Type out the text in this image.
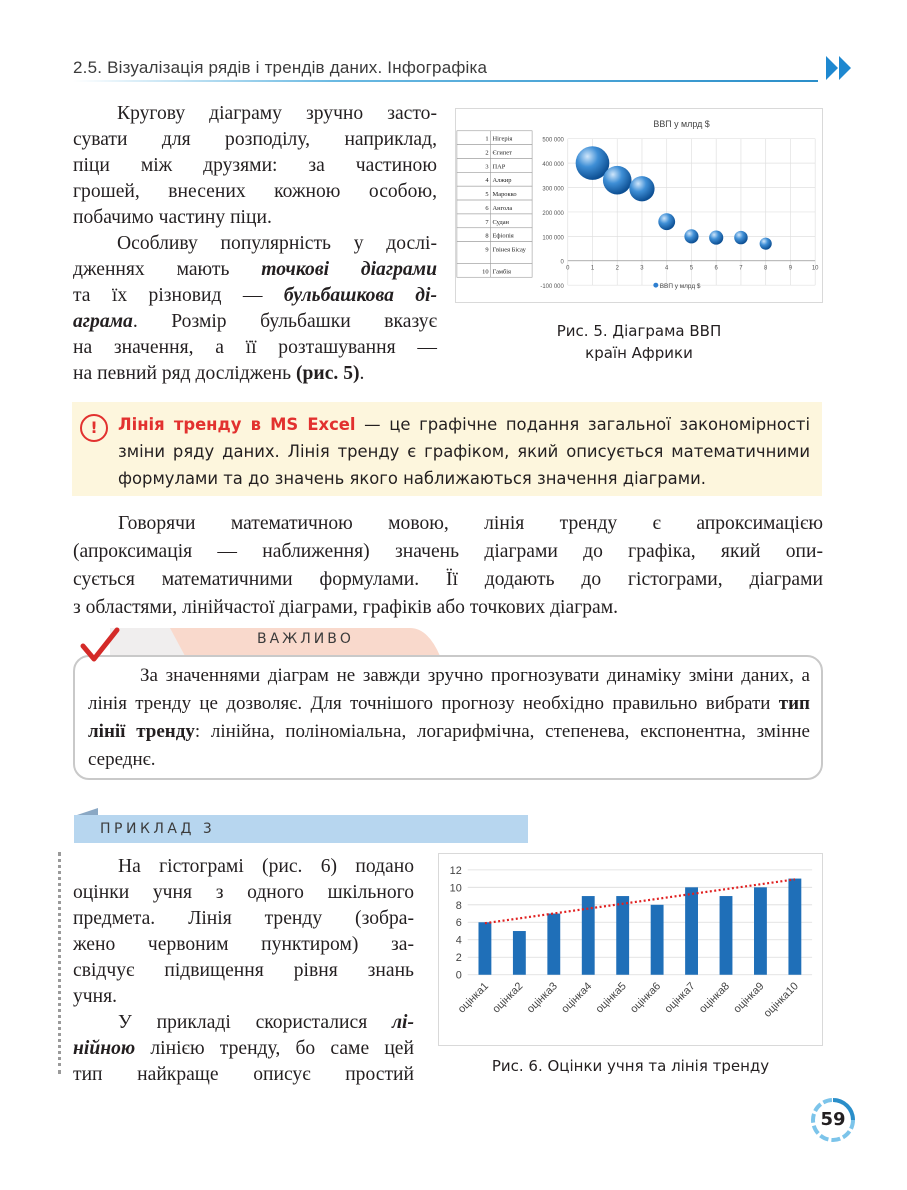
2.5. Візуалізація рядів і трендів даних. Інфографіка
Кругову діаграму зручно засто-
сувати для розподілу, наприклад,
піци між друзями: за частиною
грошей, внесених кожною особою,
побачимо частину піци.
Особливу популярність у дослі-
дженнях мають точкові діаграми
та їх різновид — бульбашкова ді-
аграма. Розмір бульбашки вказує
на значення, а її розташування —
на певний ряд досліджень (рис. 5).
1 Нігерія
2 Єгипет
3 ПАР
4 Алжир
5 Марокко
6 Ангола
7 Судан
8 Ефіопія
9 Гвінея Бісау
10 Гамбія
ВВП у млрд $
-100 000
0
100 000
200 000
300 000
400 000
500 000
0	1	2	3	4	5	6	7	8	9	10
ВВП у млрд $
Рис. 5. Діаграма ВВП
країн Африки
!	Лінія тренду в MS Excel — це графічне подання загальної закономірності зміни ряду даних. Лінія тренду є графіком, який описується математичними формулами та до значень якого наближаються значення діаграми.
Говорячи математичною мовою, лінія тренду є апроксимацією
(апроксимація — наближення) значень діаграми до графіка, який опи-
сується математичними формулами. Її додають до гістограми, діаграми
з областями, лінійчастої діаграми, графіків або точкових діаграм.
ВАЖЛИВО
За значеннями діаграм не завжди зручно прогнозувати динаміку зміни даних, а лінія тренду це дозволяє. Для точнішого прогнозу необхідно правильно вибрати тип лінії тренду: лінійна, поліноміальна, логарифмічна, степенева, експонентна, змінне середнє.
ПРИКЛАД 3
На гістограмі (рис. 6) подано
оцінки учня з одного шкільного
предмета. Лінія тренду (зобра-
жено червоним пунктиром) за-
свідчує підвищення рівня знань
учня.
У прикладі скористалися лі-
нійною лінією тренду, бо саме цей
тип найкраще описує простий
0
2
4
6
8
10
12
оцінка1 оцінка2 оцінка3 оцінка4 оцінка5 оцінка6 оцінка7 оцінка8 оцінка9
оцінка10
Рис. 6. Оцінки учня та лінія тренду
59
